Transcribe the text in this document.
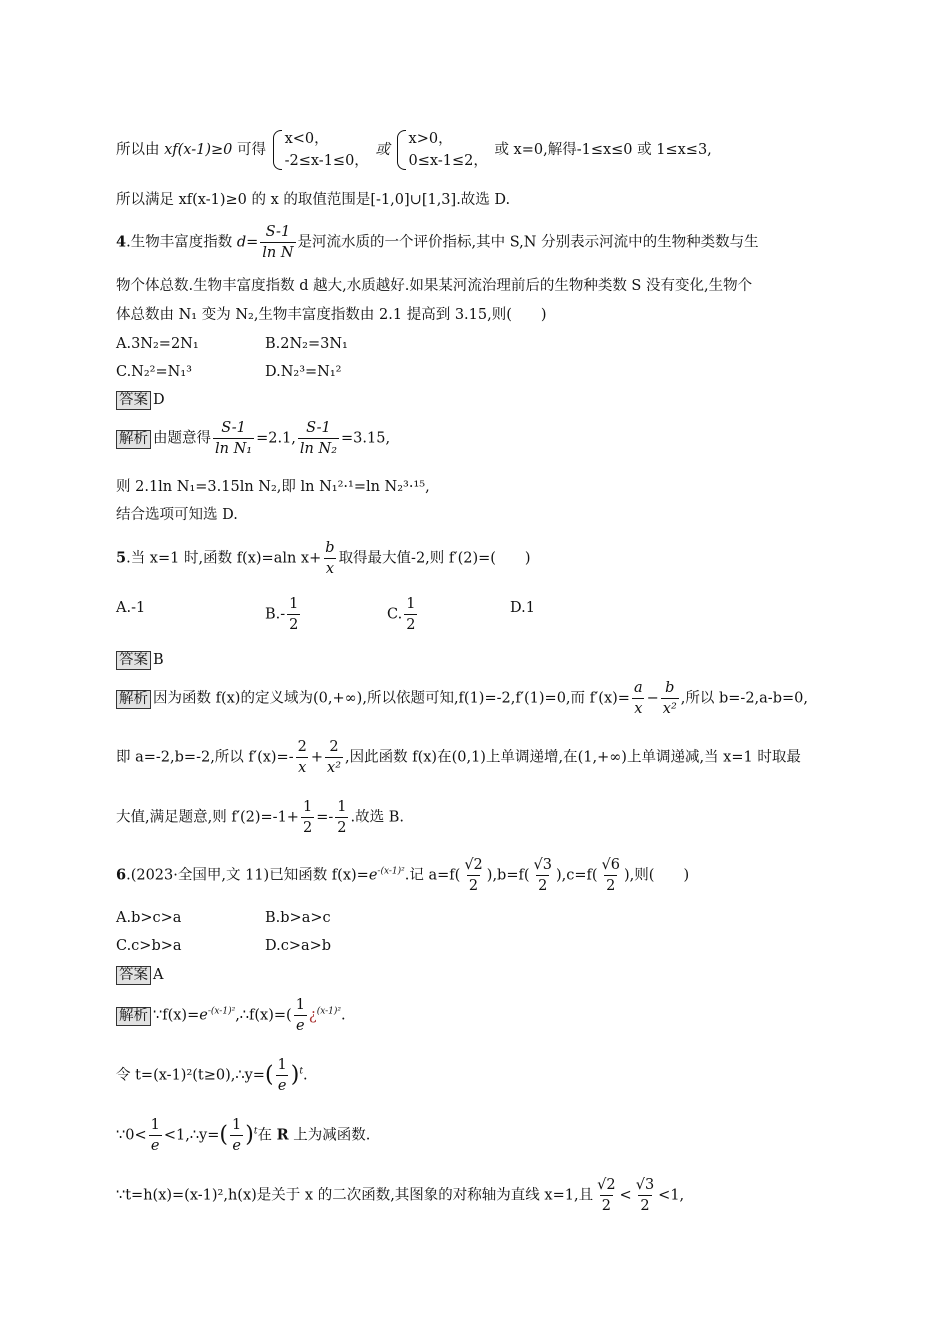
所以由 xf(x-1)≥0 可得
x<0，
-2≤x-1≤0，
或
x>0，
0≤x-1≤2，
或 x=0,解得-1≤x≤0 或 1≤x≤3,
所以满足 xf(x-1)≥0 的 x 的取值范围是[-1,0]∪[1,3].故选 D.
4.生物丰富度指数 $d= \frac{S-1}{\text{ln N}}$ 是河流水质的一个评价指标,其中 S,N 分别表示河流中的生物种类数与生
物个体总数.生物丰富度指数 d 越大,水质越好.如果某河流治理前后的生物种类数 S 没有变化,生物个
体总数由 N₁ 变为 N₂,生物丰富度指数由 2.1 提高到 3.15,则(　　)
A.3N₂=2N₁	B.2N₂=3N₁
C.N₂²=N₁³	D.N₂³=N₁²
答案 D
解析 由题意得 $\frac{S-1}{\text{ln N₁}} =2.1$, $\frac{S-1}{\text{ln N₂}} =3.15$,
则 2.1ln N₁=3.15ln N₂,即 ln N₁²·¹=ln N₂³·¹⁵,
结合选项可知选 D.
5.当 x=1 时,函数 f(x)=aln $x+ \frac{b}{x}$ 取得最大值-2,则 f′(2)=(　　)
A.-1	$B.- \frac{1}{2}$	C. $\frac{1}{2}$	D.1
答案 B
解析 因为函数 f(x)的定义域为(0,+∞),所以依题可知,f(1)=-2,f′(1)=0,而 $f'(x)= \frac{a}{x} - \frac{b}{\text{x²}}$ ,所以 b=-2,a-b=0,
即 a=-2,b=-2,所以 $f'(x)=- \frac{2}{x} + \frac{2}{\text{x²}}$ ,因此函数 f(x)在(0,1)上单调递增,在(1,+∞)上单调递减,当 x=1 时取最
大值,满足题意,则 $f'(2)=-1+ \frac{1}{2} =- \frac{1}{2}$ .故选 B.
6.(2023·全国甲,文 11)已知函数 $f(x)=e^{-(x-1)^2}$.记 $a=f( \frac{√2}{2} ),b=f( \frac{√3}{2} ),c=f( \frac{√6}{2}$ ),则(　　)
A.b>c>a	B.b>a>c
C.c>b>a	D.c>a>b
答案 A
解析 $\because f(x)=e^{-(x-1)^2},\therefore f(x)=( \frac{1}{e}$ ¿$^{(x-1)^2}$.
令 t=(x-1)²(t≥0),∴y=( $\frac{1}{e} )^t$.
∵0< $\frac{1}{e}$ <1,∴y=( $\frac{1}{e} )^t$在 R 上为减函数.
∵t=h(x)=(x-1)²,h(x)是关于 x 的二次函数,其图象的对称轴为直线 x=1,且 $\frac{√2}{2} < \frac{√3}{2} <1$,
